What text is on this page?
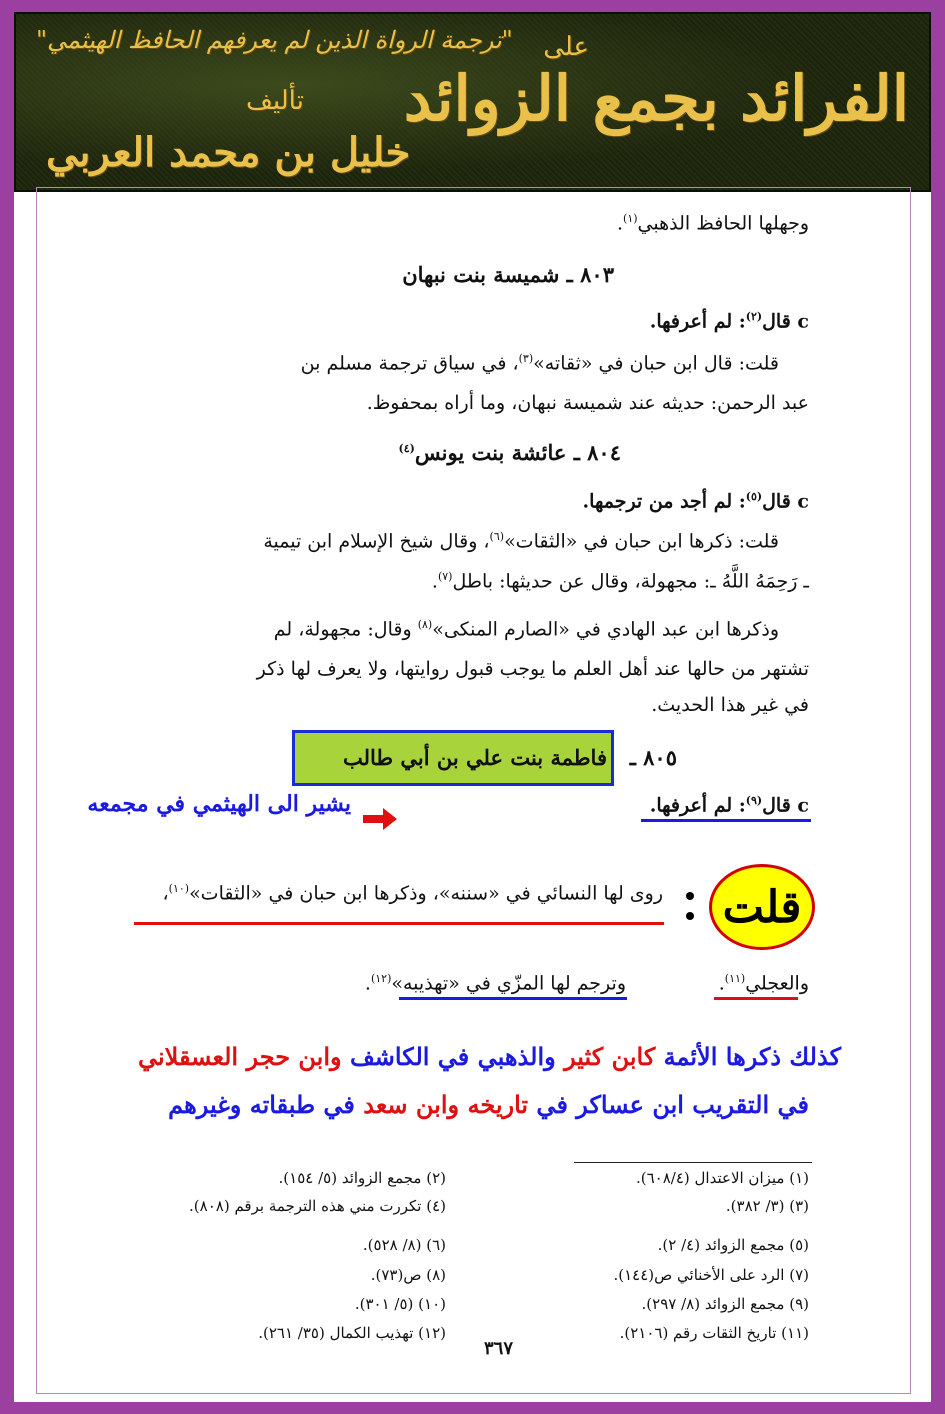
الفرائد بجمع الزوائد
على
"ترجمة الرواة الذين لم يعرفهم الحافظ الهيثمي"
تأليف
خليل بن محمد العربي
وجهلها الحافظ الذهبي$^{(١)}$.
٨٠٣ ـ شميسة بنت نبهان
c قال$^{(٢)}$: لم أعرفها.
قلت: قال ابن حبان في «ثقاته»$^{(٣)}$، في سياق ترجمة مسلم بن
عبد الرحمن: حديثه عند شميسة نبهان، وما أراه بمحفوظ.
٨٠٤ ـ عائشة بنت يونس$^{(٤)}$
c قال$^{(٥)}$: لم أجد من ترجمها.
قلت: ذكرها ابن حبان في «الثقات»$^{(٦)}$، وقال شيخ الإسلام ابن تيمية
ـ رَحِمَهُ اللَّهُ ـ: مجهولة، وقال عن حديثها: باطل$^{(٧)}$.
وذكرها ابن عبد الهادي في «الصارم المنكى»$^{(٨)}$ وقال: مجهولة، لم
تشتهر من حالها عند أهل العلم ما يوجب قبول روايتها، ولا يعرف لها ذكر
في غير هذا الحديث.
فاطمة بنت علي بن أبي طالب ٨٠٥ ـ
c قال$^{(٩)}$: لم أعرفها.
يشير الى الهيثمي في مجمعه
قلت
روى لها النسائي في «سننه»، وذكرها ابن حبان في «الثقات»$^{(١٠)}$،
والعجلي$^{(١١)}$.
وترجم لها المزّي في «تهذيبه»$^{(١٢)}$.
كذلك ذكرها الأئمة كابن كثير والذهبي في الكاشف وابن حجر العسقلاني
في التقريب ابن عساكر في تاريخه وابن سعد في طبقاته وغيرهم
(١) ميزان الاعتدال (٦٠٨/٤).
(٣) (٣/ ٣٨٢).
(٥) مجمع الزوائد (٤/ ٢).
(٧) الرد على الأخنائي ص(١٤٤).
(٩) مجمع الزوائد (٨/ ٢٩٧).
(١١) تاريخ الثقات رقم (٢١٠٦).
(٢) مجمع الزوائد (٥/ ١٥٤).
(٤) تكررت مني هذه الترجمة برقم (٨٠٨).
(٦) (٨/ ٥٢٨).
(٨) ص(٧٣).
(١٠) (٥/ ٣٠١).
(١٢) تهذيب الكمال (٣٥/ ٢٦١).
٣٦٧
